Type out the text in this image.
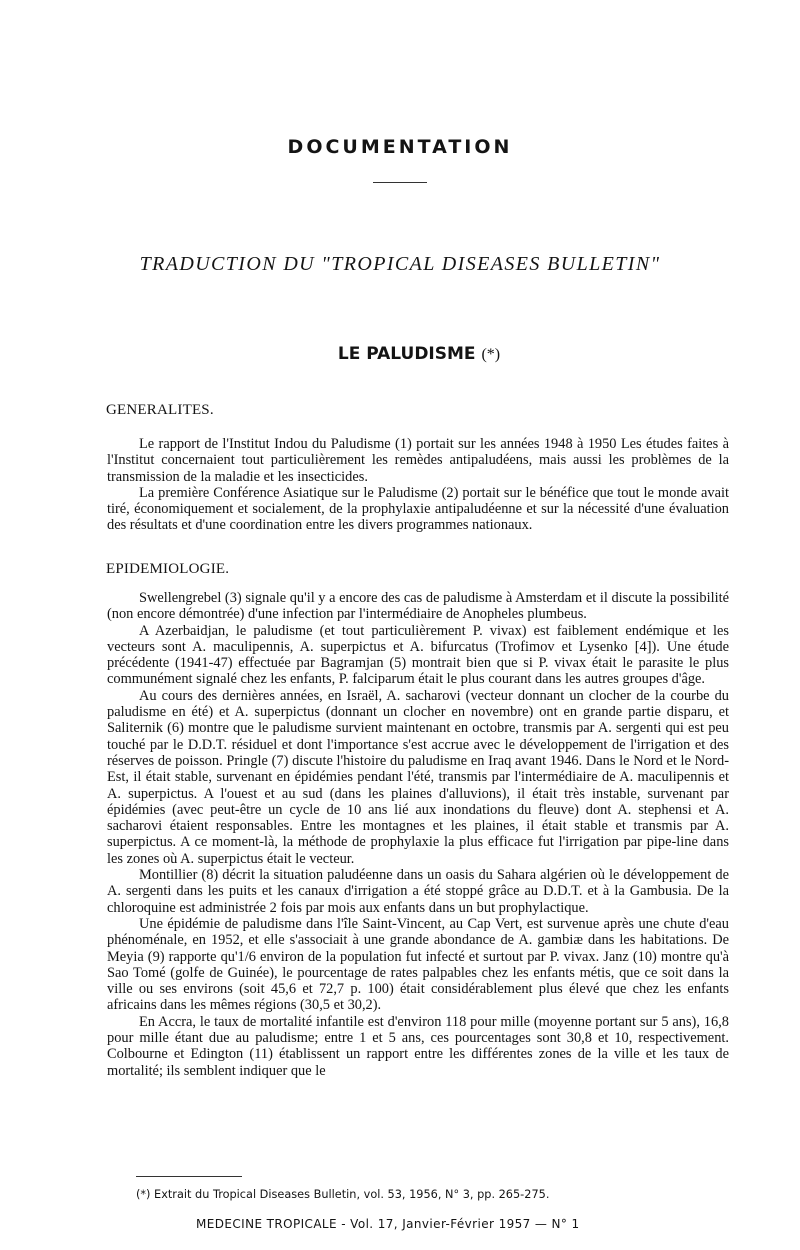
DOCUMENTATION
TRADUCTION DU "TROPICAL DISEASES BULLETIN"
LE PALUDISME (*)
GENERALITES.

Le rapport de l'Institut Indou du Paludisme (1) portait sur les années 1948 à 1950 Les études faites à l'Institut concernaient tout particulièrement les remèdes antipaludéens, mais aussi les problèmes de la transmission de la maladie et les insecticides.

La première Conférence Asiatique sur le Paludisme (2) portait sur le bénéfice que tout le monde avait tiré, économiquement et socialement, de la prophylaxie antipaludéenne et sur la nécessité d'une évaluation des résultats et d'une coordination entre les divers programmes nationaux.

EPIDEMIOLOGIE.

Swellengrebel (3) signale qu'il y a encore des cas de paludisme à Amsterdam et il discute la possibilité (non encore démontrée) d'une infection par l'intermédiaire de Anopheles plumbeus.

A Azerbaidjan, le paludisme (et tout particulièrement P. vivax) est faiblement endémique et les vecteurs sont A. maculipennis, A. superpictus et A. bifurcatus (Trofimov et Lysenko [4]). Une étude précédente (1941-47) effectuée par Bagramjan (5) montrait bien que si P. vivax était le parasite le plus communément signalé chez les enfants, P. falciparum était le plus courant dans les autres groupes d'âge.

Au cours des dernières années, en Israël, A. sacharovi (vecteur donnant un clocher de la courbe du paludisme en été) et A. superpictus (donnant un clocher en novembre) ont en grande partie disparu, et Saliternik (6) montre que le paludisme survient maintenant en octobre, transmis par A. sergenti qui est peu touché par le D.D.T. résiduel et dont l'importance s'est accrue avec le développement de l'irrigation et des réserves de poisson. Pringle (7) discute l'histoire du paludisme en Iraq avant 1946. Dans le Nord et le Nord-Est, il était stable, survenant en épidémies pendant l'été, transmis par l'intermédiaire de A. maculipennis et A. superpictus. A l'ouest et au sud (dans les plaines d'alluvions), il était très instable, survenant par épidémies (avec peut-être un cycle de 10 ans lié aux inondations du fleuve) dont A. stephensi et A. sacharovi étaient responsables. Entre les montagnes et les plaines, il était stable et transmis par A. superpictus. A ce moment-là, la méthode de prophylaxie la plus efficace fut l'irrigation par pipe-line dans les zones où A. superpictus était le vecteur.

Montillier (8) décrit la situation paludéenne dans un oasis du Sahara algérien où le développement de A. sergenti dans les puits et les canaux d'irrigation a été stoppé grâce au D.D.T. et à la Gambusia. De la chloroquine est administrée 2 fois par mois aux enfants dans un but prophylactique.

Une épidémie de paludisme dans l'île Saint-Vincent, au Cap Vert, est survenue après une chute d'eau phénoménale, en 1952, et elle s'associait à une grande abondance de A. gambiæ dans les habitations. De Meyia (9) rapporte qu'1/6 environ de la population fut infecté et surtout par P. vivax. Janz (10) montre qu'à Sao Tomé (golfe de Guinée), le pourcentage de rates palpables chez les enfants métis, que ce soit dans la ville ou ses environs (soit 45,6 et 72,7 p. 100) était considérablement plus élevé que chez les enfants africains dans les mêmes régions (30,5 et 30,2).

En Accra, le taux de mortalité infantile est d'environ 118 pour mille (moyenne portant sur 5 ans), 16,8 pour mille étant due au paludisme; entre 1 et 5 ans, ces pourcentages sont 30,8 et 10, respectivement. Colbourne et Edington (11) établissent un rapport entre les différentes zones de la ville et les taux de mortalité; ils semblent indiquer que le

(*) Extrait du Tropical Diseases Bulletin, vol. 53, 1956, N° 3, pp. 265-275.
MEDECINE TROPICALE - Vol. 17, Janvier-Février 1957 — N° 1
